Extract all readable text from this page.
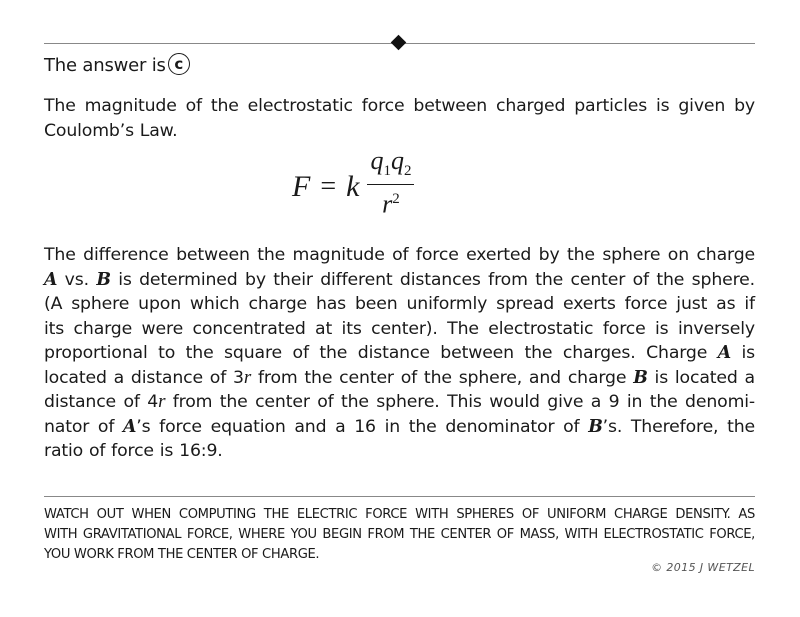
The answer is c
The magnitude of the electrostatic force between charged particles is given by
Coulomb’s Law.
F = k $\frac{q_1q_2}{r^2}$
The difference between the magnitude of force exerted by the sphere on charge
A vs. B is determined by their different distances from the center of the sphere.
(A sphere upon which charge has been uniformly spread exerts force just as if
its charge were concentrated at its center). The electrostatic force is inversely
proportional to the square of the distance between the charges. Charge A is
located a distance of 3r from the center of the sphere, and charge B is located a
distance of 4r from the center of the sphere. This would give a 9 in the denomi-
nator of A’s force equation and a 16 in the denominator of B’s. Therefore, the
ratio of force is 16:9.
WATCH OUT WHEN COMPUTING THE ELECTRIC FORCE WITH SPHERES OF UNIFORM CHARGE DENSITY. AS
WITH GRAVITATIONAL FORCE, WHERE YOU BEGIN FROM THE CENTER OF MASS, WITH ELECTROSTATIC FORCE,
YOU WORK FROM THE CENTER OF CHARGE.
© 2015 J WETZEL
